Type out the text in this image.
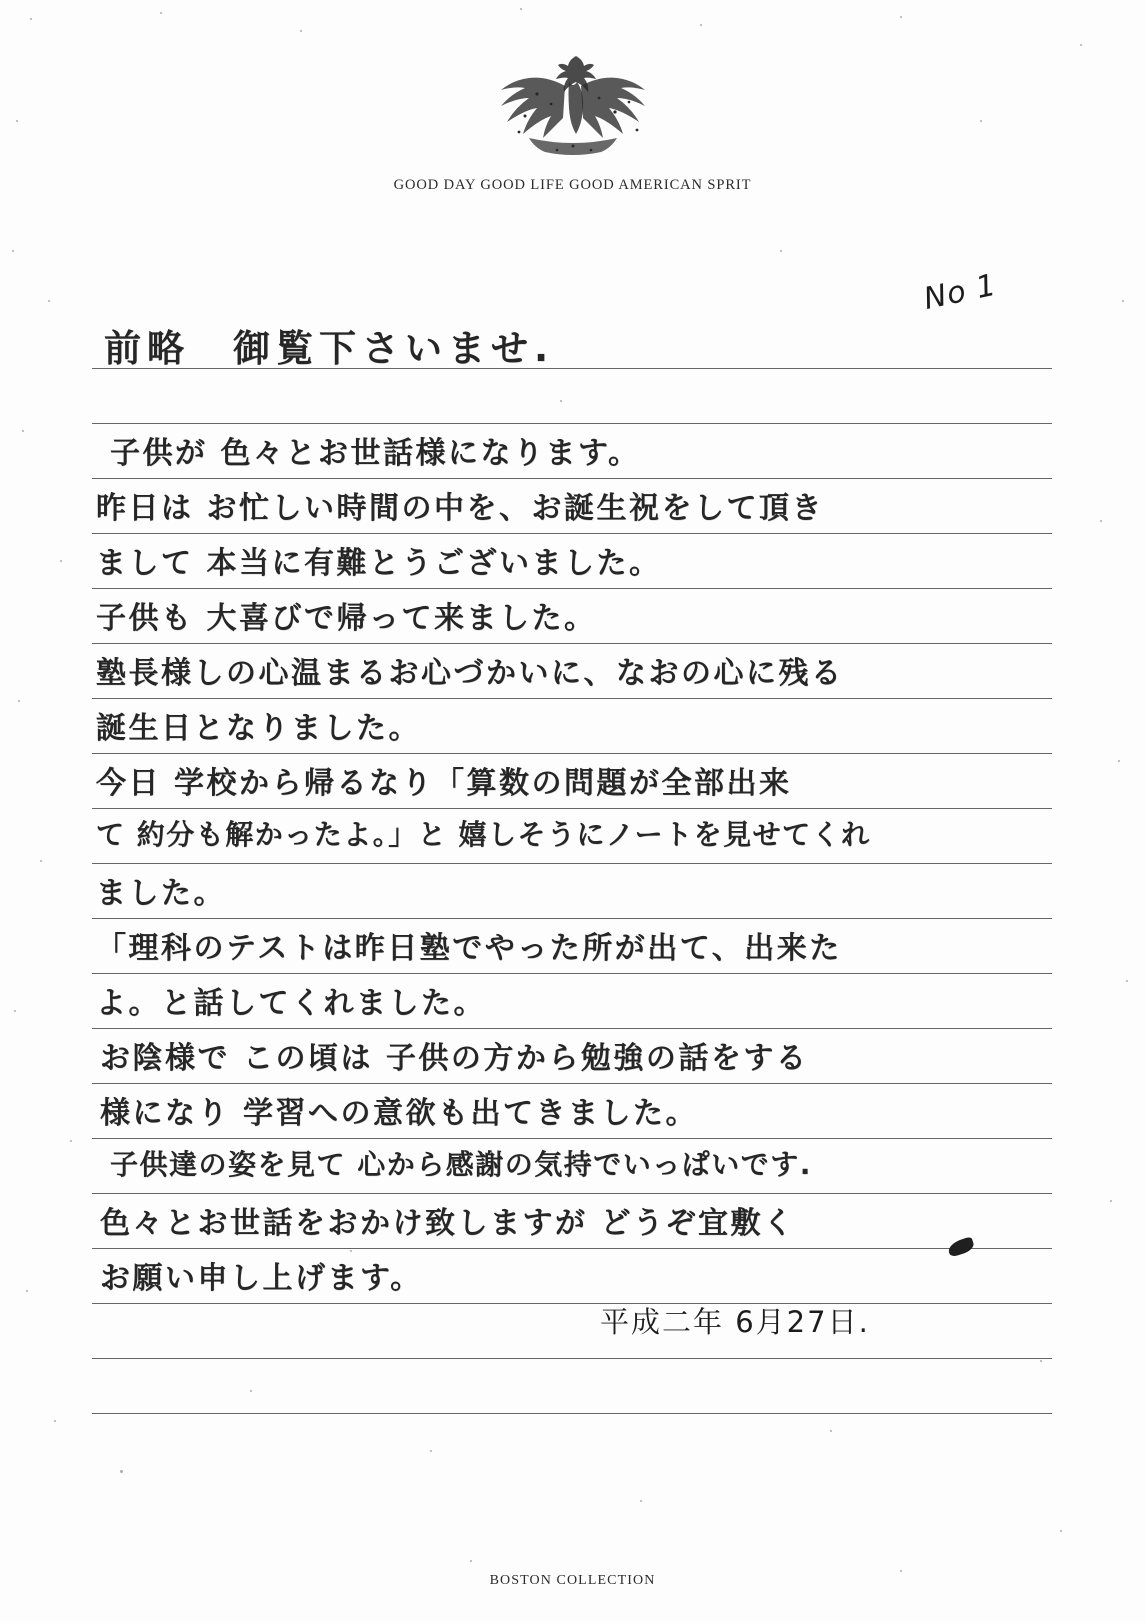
GOOD DAY GOOD LIFE GOOD AMERICAN SPRIT
No 1
前略　御覧下さいませ.
子供が 色々とお世話様になります。
昨日は お忙しい時間の中を、お誕生祝をして頂き
まして 本当に有難とうございました。
子供も 大喜びで帰って来ました。
塾長様しの心温まるお心づかいに、なおの心に残る
誕生日となりました。
今日 学校から帰るなり「算数の問題が全部出来
て 約分も解かったよ。」と 嬉しそうにノートを見せてくれ
ました。
「理科のテストは昨日塾でやった所が出て、出来た
よ。と話してくれました。
お陰様で この頃は 子供の方から勉強の話をする
様になり 学習への意欲も出てきました。
子供達の姿を見て 心から感謝の気持でいっぱいです.
色々とお世話をおかけ致しますが どうぞ宜敷く
お願い申し上げます。
平成二年 6月27日.
BOSTON COLLECTION
